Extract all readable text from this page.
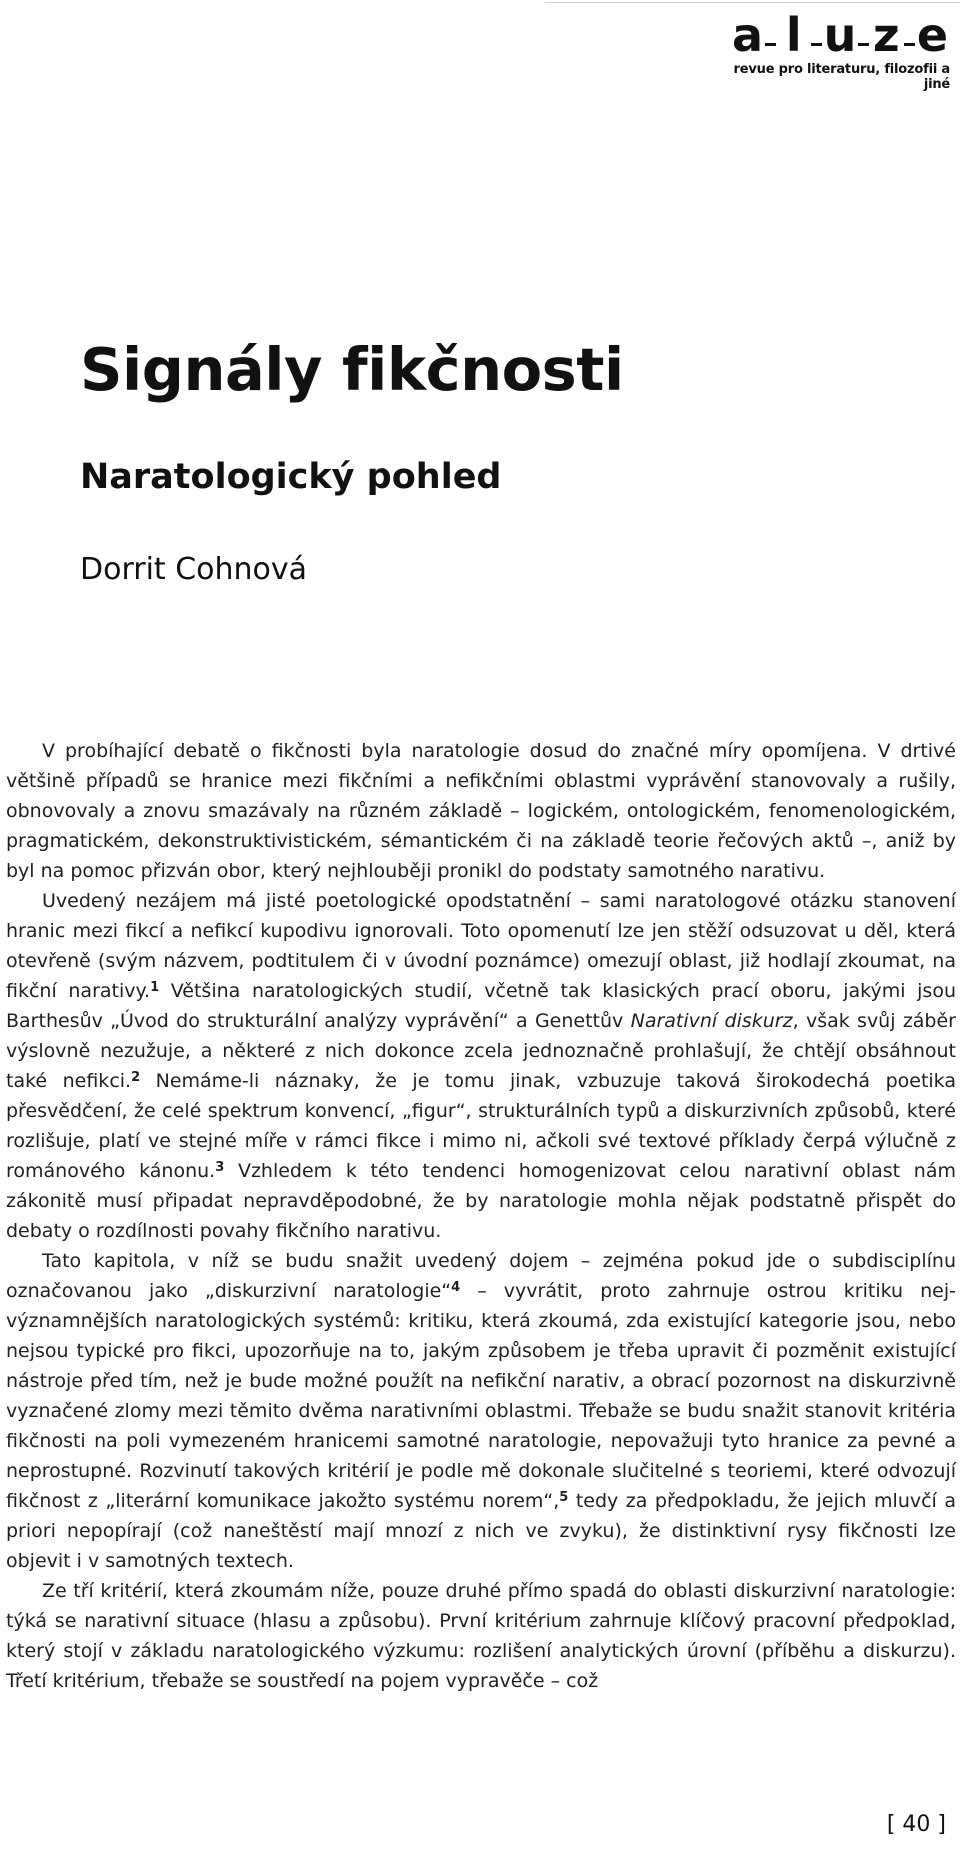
a l u z e
revue pro literaturu, filozofii a jiné
Signály fikčnosti
Naratologický pohled
Dorrit Cohnová

V probíhající debatě o fikčnosti byla naratologie dosud do značné míry opomíjena. V drtivé většině případů se hranice mezi fikčními a nefikčními oblastmi vyprávění stanovovaly a rušily, obnovovaly a znovu smazávaly na různém základě – logickém, ontologickém, fenomenologickém, pragmatickém, dekonstruktivistickém, sémantickém či na základě teorie řečových aktů –, aniž by byl na pomoc přizván obor, který nejhlouběji pronikl do podstaty samotného narativu.

Uvedený nezájem má jisté poetologické opodstatnění – sami naratologové otázku stanovení hranic mezi fikcí a nefikcí kupodivu ignorovali. Toto opomenutí lze jen stěží odsuzovat u děl, která otevřeně (svým názvem, podtitulem či v úvodní poznámce) omezují oblast, již hodlají zkoumat, na fikční narativy.$^1$ Většina naratologických studií, včetně tak klasických prací oboru, jakými jsou Barthesův „Úvod do strukturální analýzy vyprávění“ a Genettův Narativní diskurz, však svůj záběr výslovně nezužuje, a některé z nich dokonce zcela jednoznačně prohlašují, že chtějí obsáhnout také nefikci.$^2$ Nemáme-li náznaky, že je tomu jinak, vzbuzuje taková širokodechá poetika přesvědčení, že celé spektrum konvencí, „figur“, strukturálních typů a diskurzivních způsobů, které rozlišuje, platí ve stejné míře v rámci fikce i mimo ni, ačkoli své textové příklady čerpá výlučně z románového kánonu.$^3$ Vzhledem k této tendenci homogenizovat celou narativní oblast nám zákonitě musí připadat nepravděpodobné, že by naratologie mohla nějak podstatně přispět do debaty o rozdílnosti povahy fikčního narativu.

Tato kapitola, v níž se budu snažit uvedený dojem – zejména pokud jde o subdisciplínu označovanou jako „diskurzivní naratologie“$^4$ – vyvrátit, proto zahrnuje ostrou kritiku nejvýznamnějších naratologických systémů: kritiku, která zkoumá, zda existující kategorie jsou, nebo nejsou typické pro fikci, upozorňuje na to, jakým způsobem je třeba upravit či pozměnit existující nástroje před tím, než je bude možné použít na nefikční narativ, a obrací pozornost na diskurzivně vyznačené zlomy mezi těmito dvěma narativními oblastmi. Třebaže se budu snažit stanovit kritéria fikčnosti na poli vymezeném hranicemi samotné naratologie, nepovažuji tyto hranice za pevné a neprostupné. Rozvinutí takových kritérií je podle mě dokonale slučitelné s teoriemi, které odvozují fikčnost z „literární komunikace jakožto systému norem“,$^5$ tedy za předpokladu, že jejich mluvčí a priori nepopírají (což naneštěstí mají mnozí z nich ve zvyku), že distinktivní rysy fikčnosti lze objevit i v samotných textech.

Ze tří kritérií, která zkoumám níže, pouze druhé přímo spadá do oblasti diskurzivní naratologie: týká se narativní situace (hlasu a způsobu). První kritérium zahrnuje klíčový pracovní předpoklad, který stojí v základu naratologického výzkumu: rozlišení analytických úrovní (příběhu a diskurzu). Třetí kritérium, třebaže se soustředí na pojem vypravěče – což

[ 40 ]
